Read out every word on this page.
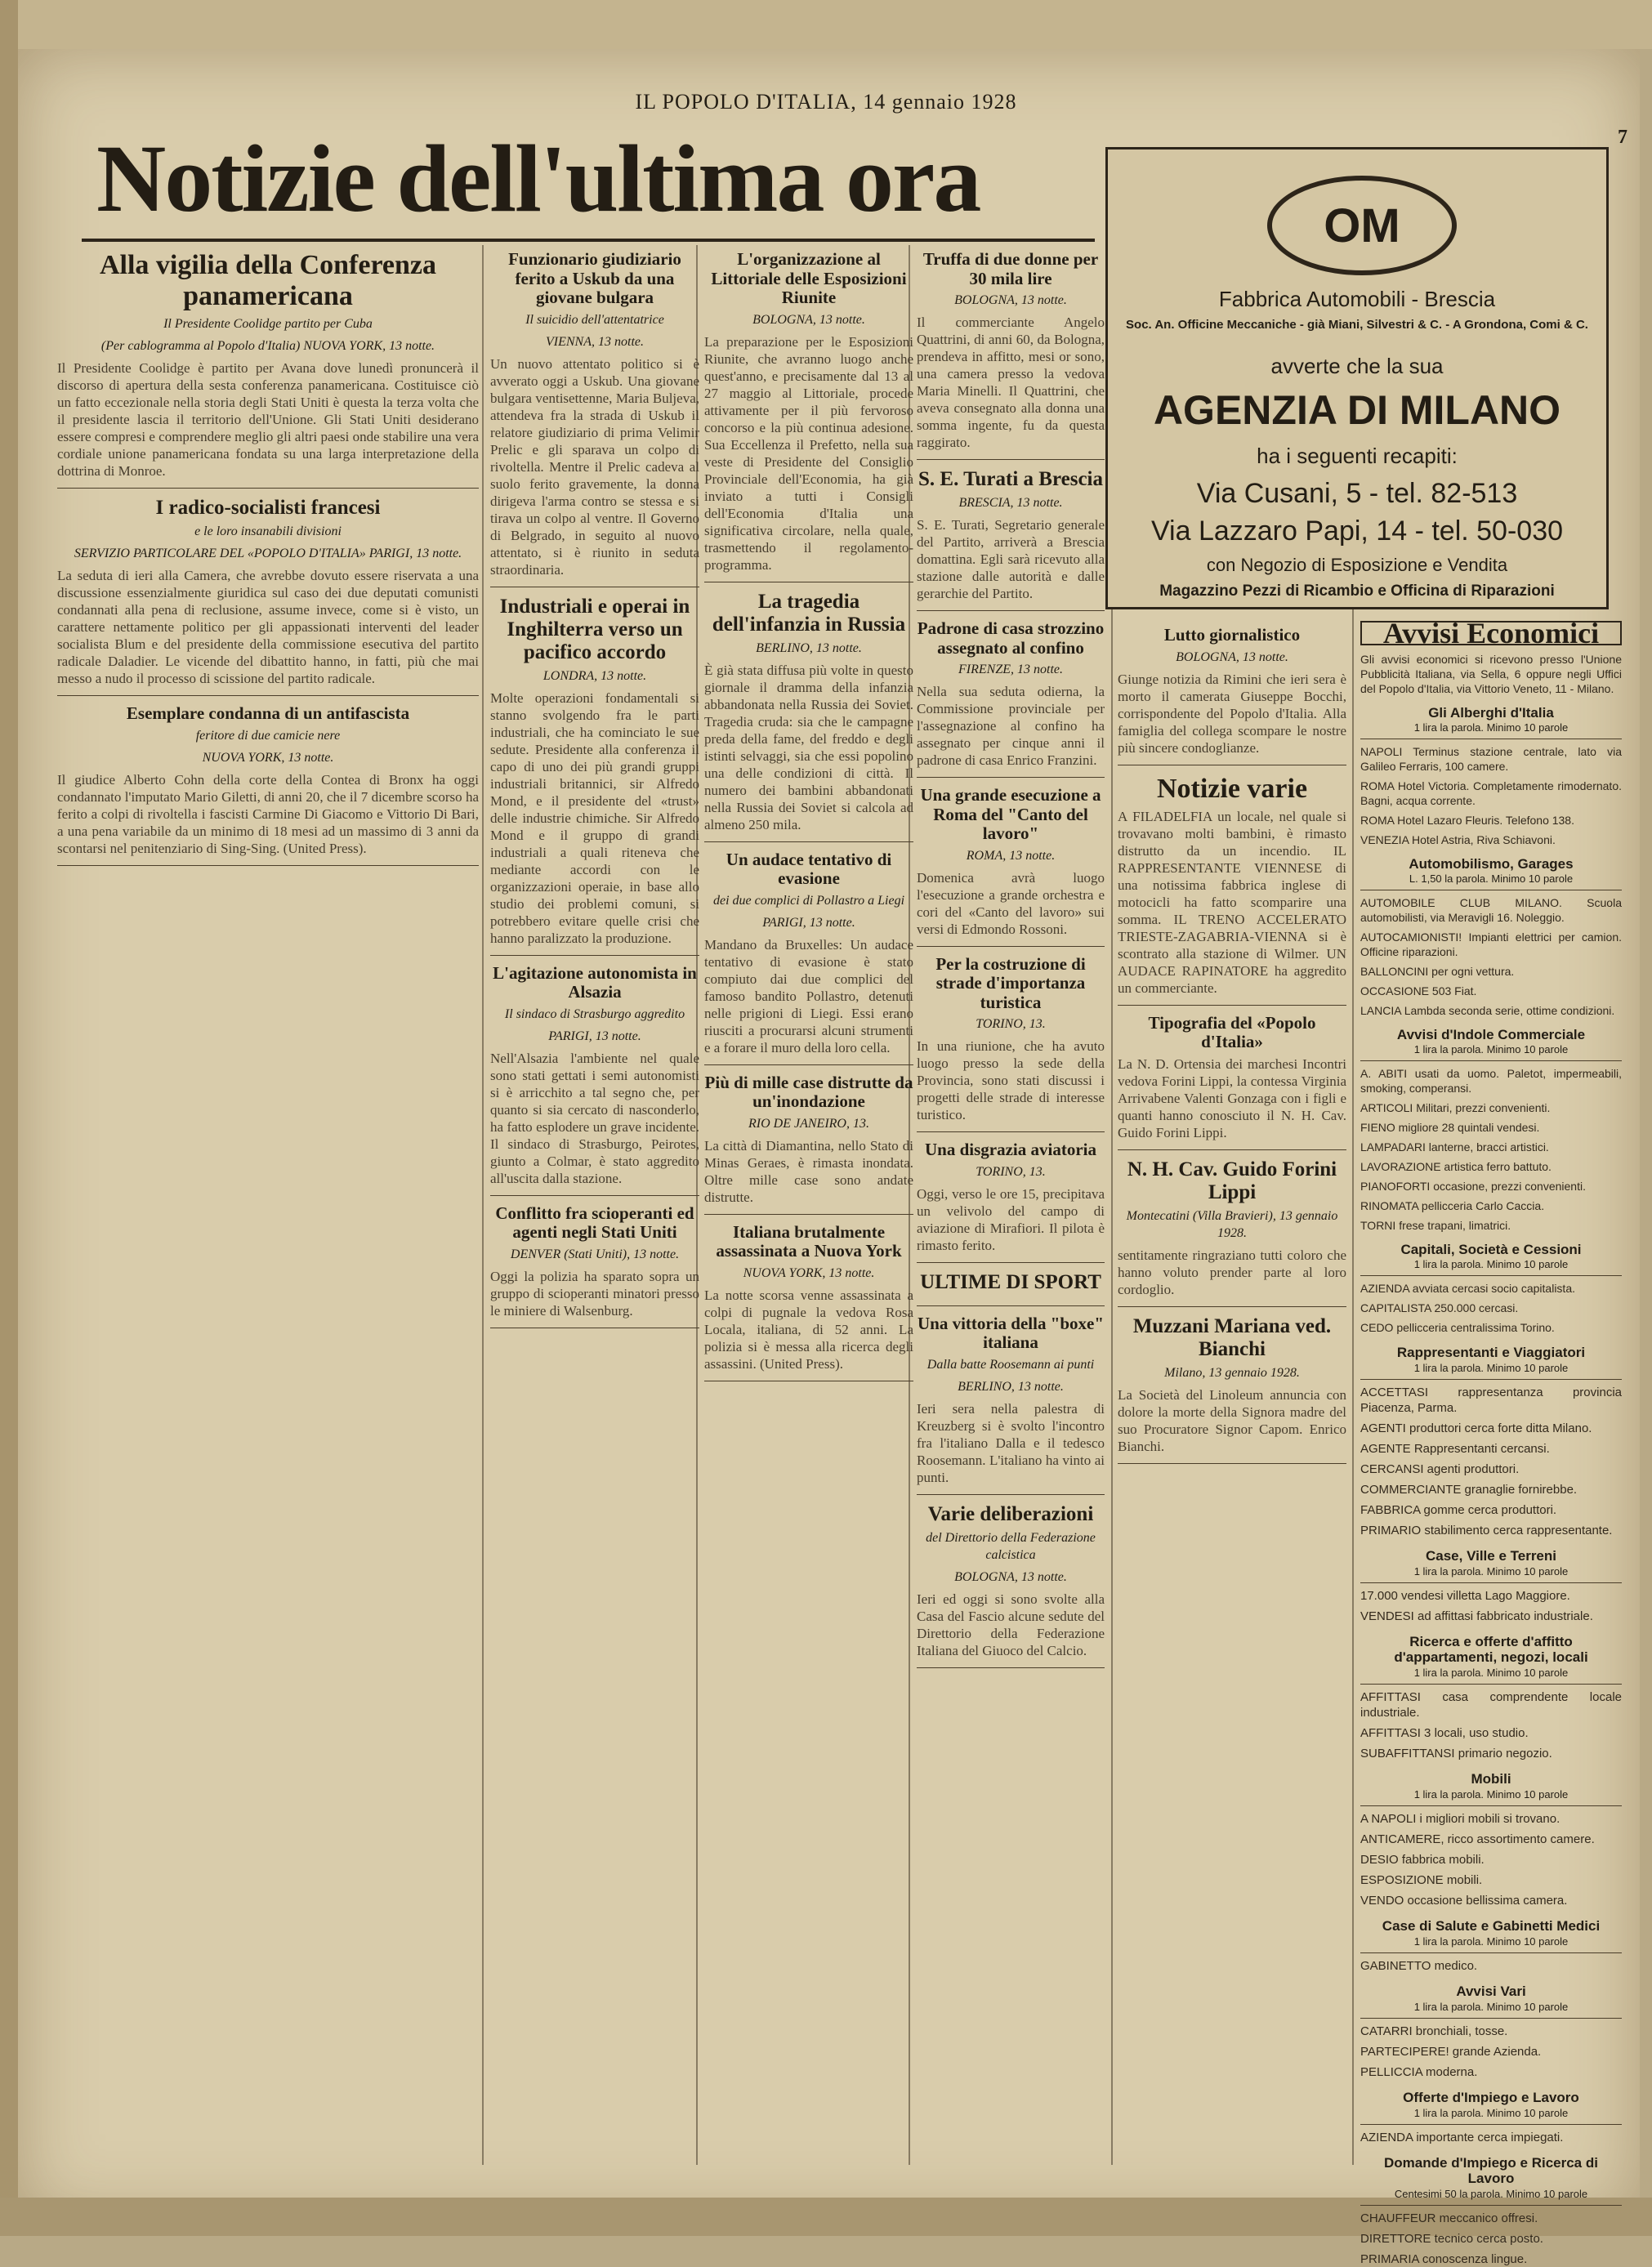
IL POPOLO D'ITALIA, 14 gennaio 1928
7
Notizie dell'ultima ora
Alla vigilia della Conferenza panamericana
Il Presidente Coolidge partito per Cuba
(Per cablogramma al Popolo d'Italia) NUOVA YORK, 13 notte.
Il Presidente Coolidge è partito per Avana dove lunedì pronuncerà il discorso di apertura della sesta conferenza panamericana. Costituisce ciò un fatto eccezionale nella storia degli Stati Uniti è questa la terza volta che il presidente lascia il territorio dell'Unione. Gli Stati Uniti desiderano essere compresi e comprendere meglio gli altri paesi onde stabilire una vera cordiale unione panamericana fondata su una larga interpretazione della dottrina di Monroe.
I radico-socialisti francesi
e le loro insanabili divisioni
SERVIZIO PARTICOLARE DEL «POPOLO D'ITALIA» PARIGI, 13 notte.
La seduta di ieri alla Camera, che avrebbe dovuto essere riservata a una discussione essenzialmente giuridica sul caso dei due deputati comunisti condannati alla pena di reclusione, assume invece, come si è visto, un carattere nettamente politico per gli appassionati interventi del leader socialista Blum e del presidente della commissione esecutiva del partito radicale Daladier. Le vicende del dibattito hanno, in fatti, più che mai messo a nudo il processo di scissione del partito radicale.
Esemplare condanna di un antifascista
feritore di due camicie nere
NUOVA YORK, 13 notte.
Il giudice Alberto Cohn della corte della Contea di Bronx ha oggi condannato l'imputato Mario Giletti, di anni 20, che il 7 dicembre scorso ha ferito a colpi di rivoltella i fascisti Carmine Di Giacomo e Vittorio Di Bari, a una pena variabile da un minimo di 18 mesi ad un massimo di 3 anni da scontarsi nel penitenziario di Sing-Sing. (United Press).
Funzionario giudiziario ferito a Uskub da una giovane bulgara
Il suicidio dell'attentatrice
VIENNA, 13 notte.
Un nuovo attentato politico si è avverato oggi a Uskub. Una giovane bulgara ventisettenne, Maria Buljeva, attendeva fra la strada di Uskub il relatore giudiziario di prima Velimir Prelic e gli sparava un colpo di rivoltella. Mentre il Prelic cadeva al suolo ferito gravemente, la donna dirigeva l'arma contro se stessa e si tirava un colpo al ventre. Il Governo di Belgrado, in seguito al nuovo attentato, si è riunito in seduta straordinaria.
Industriali e operai in Inghilterra verso un pacifico accordo
LONDRA, 13 notte.
Molte operazioni fondamentali si stanno svolgendo fra le parti industriali, che ha cominciato le sue sedute. Presidente alla conferenza il capo di uno dei più grandi gruppi industriali britannici, sir Alfredo Mond, e il presidente del «trust» delle industrie chimiche. Sir Alfredo Mond e il gruppo di grandi industriali a quali riteneva che mediante accordi con le organizzazioni operaie, in base allo studio dei problemi comuni, si potrebbero evitare quelle crisi che hanno paralizzato la produzione.
L'agitazione autonomista in Alsazia
Il sindaco di Strasburgo aggredito
PARIGI, 13 notte.
Nell'Alsazia l'ambiente nel quale sono stati gettati i semi autonomisti si è arricchito a tal segno che, per quanto si sia cercato di nasconderlo, ha fatto esplodere un grave incidente. Il sindaco di Strasburgo, Peirotes, giunto a Colmar, è stato aggredito all'uscita dalla stazione.
Conflitto fra scioperanti ed agenti negli Stati Uniti
DENVER (Stati Uniti), 13 notte.
Oggi la polizia ha sparato sopra un gruppo di scioperanti minatori presso le miniere di Walsenburg.
L'organizzazione al Littoriale delle Esposizioni Riunite
BOLOGNA, 13 notte.
La preparazione per le Esposizioni Riunite, che avranno luogo anche quest'anno, e precisamente dal 13 al 27 maggio al Littoriale, procede attivamente per il più fervoroso concorso e la più continua adesione. Sua Eccellenza il Prefetto, nella sua veste di Presidente del Consiglio Provinciale dell'Economia, ha già inviato a tutti i Consigli dell'Economia d'Italia una significativa circolare, nella quale, trasmettendo il regolamento-programma.
La tragedia dell'infanzia in Russia
BERLINO, 13 notte.
È già stata diffusa più volte in questo giornale il dramma della infanzia abbandonata nella Russia dei Soviet. Tragedia cruda: sia che le campagne preda della fame, del freddo e degli istinti selvaggi, sia che essi popolino una delle condizioni di città. Il numero dei bambini abbandonati nella Russia dei Soviet si calcola ad almeno 250 mila.
Un audace tentativo di evasione
dei due complici di Pollastro a Liegi
PARIGI, 13 notte.
Mandano da Bruxelles: Un audace tentativo di evasione è stato compiuto dai due complici del famoso bandito Pollastro, detenuti nelle prigioni di Liegi. Essi erano riusciti a procurarsi alcuni strumenti e a forare il muro della loro cella.
Più di mille case distrutte da un'inondazione
RIO DE JANEIRO, 13.
La città di Diamantina, nello Stato di Minas Geraes, è rimasta inondata. Oltre mille case sono andate distrutte.
Italiana brutalmente assassinata a Nuova York
NUOVA YORK, 13 notte.
La notte scorsa venne assassinata a colpi di pugnale la vedova Rosa Locala, italiana, di 52 anni. La polizia si è messa alla ricerca degli assassini. (United Press).
Truffa di due donne per 30 mila lire
BOLOGNA, 13 notte.
Il commerciante Angelo Quattrini, di anni 60, da Bologna, prendeva in affitto, mesi or sono, una camera presso la vedova Maria Minelli. Il Quattrini, che aveva consegnato alla donna una somma ingente, fu da questa raggirato.
S. E. Turati a Brescia
BRESCIA, 13 notte.
S. E. Turati, Segretario generale del Partito, arriverà a Brescia domattina. Egli sarà ricevuto alla stazione dalle autorità e dalle gerarchie del Partito.
Padrone di casa strozzino assegnato al confino
FIRENZE, 13 notte.
Nella sua seduta odierna, la Commissione provinciale per l'assegnazione al confino ha assegnato per cinque anni il padrone di casa Enrico Franzini.
Una grande esecuzione a Roma del "Canto del lavoro"
ROMA, 13 notte.
Domenica avrà luogo l'esecuzione a grande orchestra e cori del «Canto del lavoro» sui versi di Edmondo Rossoni.
Per la costruzione di strade d'importanza turistica
TORINO, 13.
In una riunione, che ha avuto luogo presso la sede della Provincia, sono stati discussi i progetti delle strade di interesse turistico.
Una disgrazia aviatoria
TORINO, 13.
Oggi, verso le ore 15, precipitava un velivolo del campo di aviazione di Mirafiori. Il pilota è rimasto ferito.
ULTIME DI SPORT
Una vittoria della "boxe" italiana
Dalla batte Roosemann ai punti
BERLINO, 13 notte.
Ieri sera nella palestra di Kreuzberg si è svolto l'incontro fra l'italiano Dalla e il tedesco Roosemann. L'italiano ha vinto ai punti.
Varie deliberazioni
del Direttorio della Federazione calcistica
BOLOGNA, 13 notte.
Ieri ed oggi si sono svolte alla Casa del Fascio alcune sedute del Direttorio della Federazione Italiana del Giuoco del Calcio.
Lutto giornalistico
BOLOGNA, 13 notte.
Giunge notizia da Rimini che ieri sera è morto il camerata Giuseppe Bocchi, corrispondente del Popolo d'Italia. Alla famiglia del collega scompare le nostre più sincere condoglianze.
Notizie varie
A FILADELFIA un locale, nel quale si trovavano molti bambini, è rimasto distrutto da un incendio. IL RAPPRESENTANTE VIENNESE di una notissima fabbrica inglese di motocicli ha fatto scomparire una somma. IL TRENO ACCELERATO TRIESTE-ZAGABRIA-VIENNA si è scontrato alla stazione di Wilmer. UN AUDACE RAPINATORE ha aggredito un commerciante.
Tipografia del «Popolo d'Italia»
La N. D. Ortensia dei marchesi Incontri vedova Forini Lippi, la contessa Virginia Arrivabene Valenti Gonzaga con i figli e quanti hanno conosciuto il N. H. Cav. Guido Forini Lippi.
N. H. Cav. Guido Forini Lippi
Montecatini (Villa Bravieri), 13 gennaio 1928.
sentitamente ringraziano tutti coloro che hanno voluto prender parte al loro cordoglio.
Muzzani Mariana ved. Bianchi
Milano, 13 gennaio 1928.
La Società del Linoleum annuncia con dolore la morte della Signora madre del suo Procuratore Signor Capom. Enrico Bianchi.
OM
Fabbrica Automobili - Brescia
Soc. An. Officine Meccaniche - già Miani, Silvestri & C. - A Grondona, Comi & C.
avverte che la sua
AGENZIA DI MILANO
ha i seguenti recapiti:
Via Cusani, 5 - tel. 82-513
Via Lazzaro Papi, 14 - tel. 50-030
con Negozio di Esposizione e Vendita
Magazzino Pezzi di Ricambio e Officina di Riparazioni
Avvisi Economici
Gli avvisi economici si ricevono presso l'Unione Pubblicità Italiana, via Sella, 6 oppure negli Uffici del Popolo d'Italia, via Vittorio Veneto, 11 - Milano.
Gli Alberghi d'Italia
1 lira la parola. Minimo 10 parole
NAPOLI Terminus stazione centrale, lato via Galileo Ferraris, 100 camere.
ROMA Hotel Victoria. Completamente rimodernato. Bagni, acqua corrente.
ROMA Hotel Lazaro Fleuris. Telefono 138.
VENEZIA Hotel Astria, Riva Schiavoni.
Automobilismo, Garages
L. 1,50 la parola. Minimo 10 parole
AUTOMOBILE CLUB MILANO. Scuola automobilisti, via Meravigli 16. Noleggio.
AUTOCAMIONISTI! Impianti elettrici per camion. Officine riparazioni.
BALLONCINI per ogni vettura.
OCCASIONE 503 Fiat.
LANCIA Lambda seconda serie, ottime condizioni.
Avvisi d'Indole Commerciale
1 lira la parola. Minimo 10 parole
A. ABITI usati da uomo. Paletot, impermeabili, smoking, comperansi.
ARTICOLI Militari, prezzi convenienti.
FIENO migliore 28 quintali vendesi.
LAMPADARI lanterne, bracci artistici.
LAVORAZIONE artistica ferro battuto.
PIANOFORTI occasione, prezzi convenienti.
RINOMATA pellicceria Carlo Caccia.
TORNI frese trapani, limatrici.
Capitali, Società e Cessioni
1 lira la parola. Minimo 10 parole
AZIENDA avviata cercasi socio capitalista.
CAPITALISTA 250.000 cercasi.
CEDO pellicceria centralissima Torino.
Rappresentanti e Viaggiatori
1 lira la parola. Minimo 10 parole
ACCETTASI rappresentanza provincia Piacenza, Parma.
AGENTI produttori cerca forte ditta Milano.
AGENTE Rappresentanti cercansi.
CERCANSI agenti produttori.
COMMERCIANTE granaglie fornirebbe.
FABBRICA gomme cerca produttori.
PRIMARIO stabilimento cerca rappresentante.
Case, Ville e Terreni
1 lira la parola. Minimo 10 parole
17.000 vendesi villetta Lago Maggiore.
VENDESI ad affittasi fabbricato industriale.
Ricerca e offerte d'affitto d'appartamenti, negozi, locali
1 lira la parola. Minimo 10 parole
AFFITTASI casa comprendente locale industriale.
AFFITTASI 3 locali, uso studio.
SUBAFFITTANSI primario negozio.
Mobili
1 lira la parola. Minimo 10 parole
A NAPOLI i migliori mobili si trovano.
ANTICAMERE, ricco assortimento camere.
DESIO fabbrica mobili.
ESPOSIZIONE mobili.
VENDO occasione bellissima camera.
Case di Salute e Gabinetti Medici
1 lira la parola. Minimo 10 parole
GABINETTO medico.
Avvisi Vari
1 lira la parola. Minimo 10 parole
CATARRI bronchiali, tosse.
PARTECIPERE! grande Azienda.
PELLICCIA moderna.
Offerte d'Impiego e Lavoro
1 lira la parola. Minimo 10 parole
AZIENDA importante cerca impiegati.
Domande d'Impiego e Ricerca di Lavoro
Centesimi 50 la parola. Minimo 10 parole
CHAUFFEUR meccanico offresi.
DIRETTORE tecnico cerca posto.
PRIMARIA conoscenza lingue.
